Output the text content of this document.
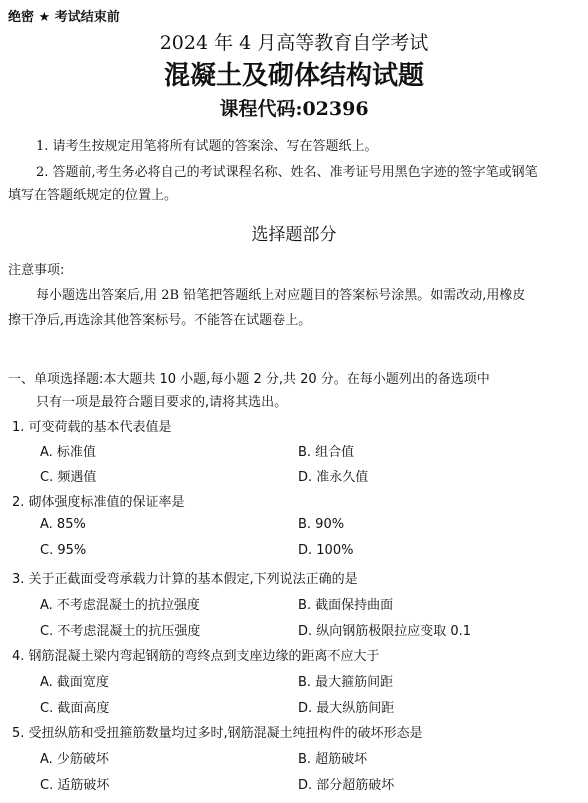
绝密 ★ 考试结束前
2024 年 4 月高等教育自学考试
混凝土及砌体结构试题
课程代码:02396
1. 请考生按规定用笔将所有试题的答案涂、写在答题纸上。
2. 答题前,考生务必将自己的考试课程名称、姓名、准考证号用黑色字迹的签字笔或钢笔
填写在答题纸规定的位置上。
选择题部分
注意事项:
每小题选出答案后,用 2B 铅笔把答题纸上对应题目的答案标号涂黑。如需改动,用橡皮
擦干净后,再选涂其他答案标号。不能答在试题卷上。
一、单项选择题:本大题共 10 小题,每小题 2 分,共 20 分。在每小题列出的备选项中
只有一项是最符合题目要求的,请将其选出。
1. 可变荷载的基本代表值是
A. 标准值	B. 组合值
C. 频遇值	D. 准永久值
2. 砌体强度标准值的保证率是
A. 85%	B. 90%
C. 95%	D. 100%
3. 关于正截面受弯承载力计算的基本假定,下列说法正确的是
A. 不考虑混凝土的抗拉强度	B. 截面保持曲面
C. 不考虑混凝土的抗压强度	D. 纵向钢筋极限拉应变取 0.1
4. 钢筋混凝土梁内弯起钢筋的弯终点到支座边缘的距离不应大于
A. 截面宽度	B. 最大箍筋间距
C. 截面高度	D. 最大纵筋间距
5. 受扭纵筋和受扭箍筋数量均过多时,钢筋混凝土纯扭构件的破坏形态是
A. 少筋破坏	B. 超筋破坏
C. 适筋破坏	D. 部分超筋破坏
